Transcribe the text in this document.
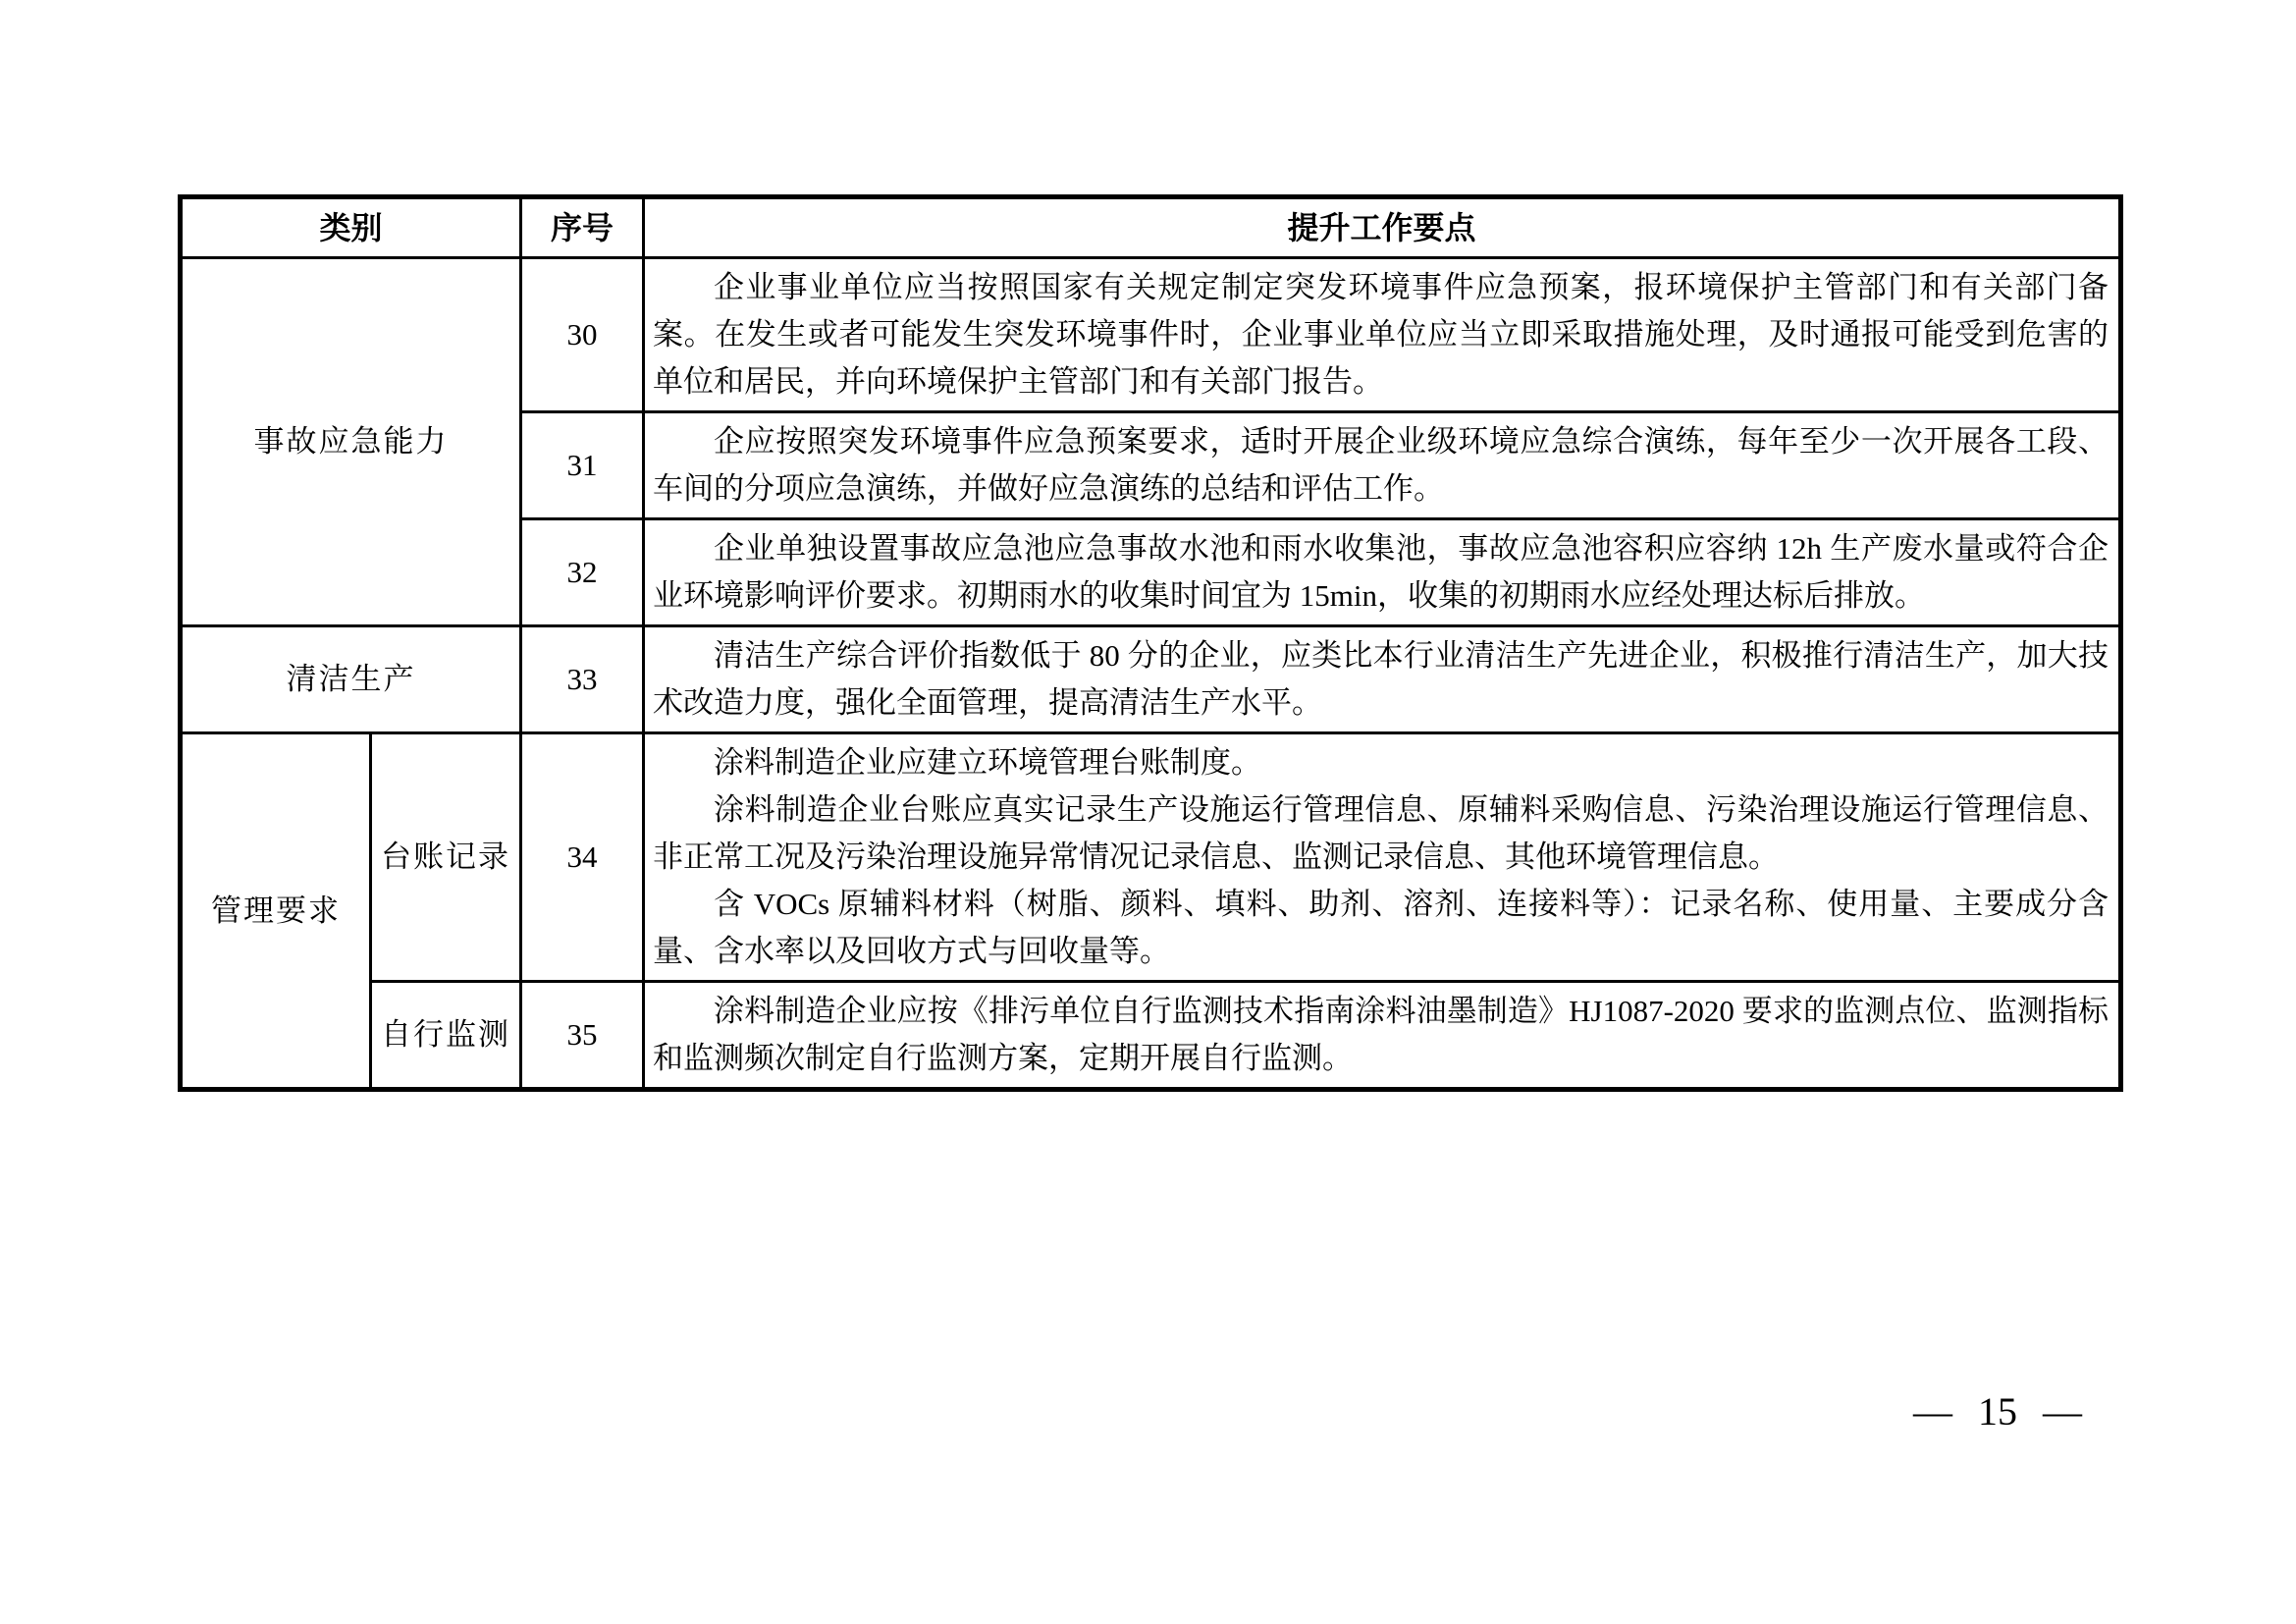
类别		序号	提升工作要点
事故应急能力		30	企业事业单位应当按照国家有关规定制定突发环境事件应急预案，报环境保护主管部门和有关部门备案。在发生或者可能发生突发环境事件时，企业事业单位应当立即采取措施处理，及时通报可能受到危害的单位和居民，并向环境保护主管部门和有关部门报告。

		31	企应按照突发环境事件应急预案要求，适时开展企业级环境应急综合演练，每年至少一次开展各工段、车间的分项应急演练，并做好应急演练的总结和评估工作。

		32	企业单独设置事故应急池应急事故水池和雨水收集池，事故应急池容积应容纳 12h 生产废水量或符合企业环境影响评价要求。初期雨水的收集时间宜为 15min，收集的初期雨水应经处理达标后排放。

清洁生产		33	清洁生产综合评价指数低于 80 分的企业，应类比本行业清洁生产先进企业，积极推行清洁生产，加大技术改造力度，强化全面管理，提高清洁生产水平。

管理要求	台账记录	34	涂料制造企业应建立环境管理台账制度。

涂料制造企业台账应真实记录生产设施运行管理信息、原辅料采购信息、污染治理设施运行管理信息、非正常工况及污染治理设施异常情况记录信息、监测记录信息、其他环境管理信息。

含 VOCs 原辅料材料（树脂、颜料、填料、助剂、溶剂、连接料等）：记录名称、使用量、主要成分含量、含水率以及回收方式与回收量等。

	自行监测	35	涂料制造企业应按《排污单位自行监测技术指南涂料油墨制造》HJ1087-2020 要求的监测点位、监测指标和监测频次制定自行监测方案，定期开展自行监测。

— 15 —
